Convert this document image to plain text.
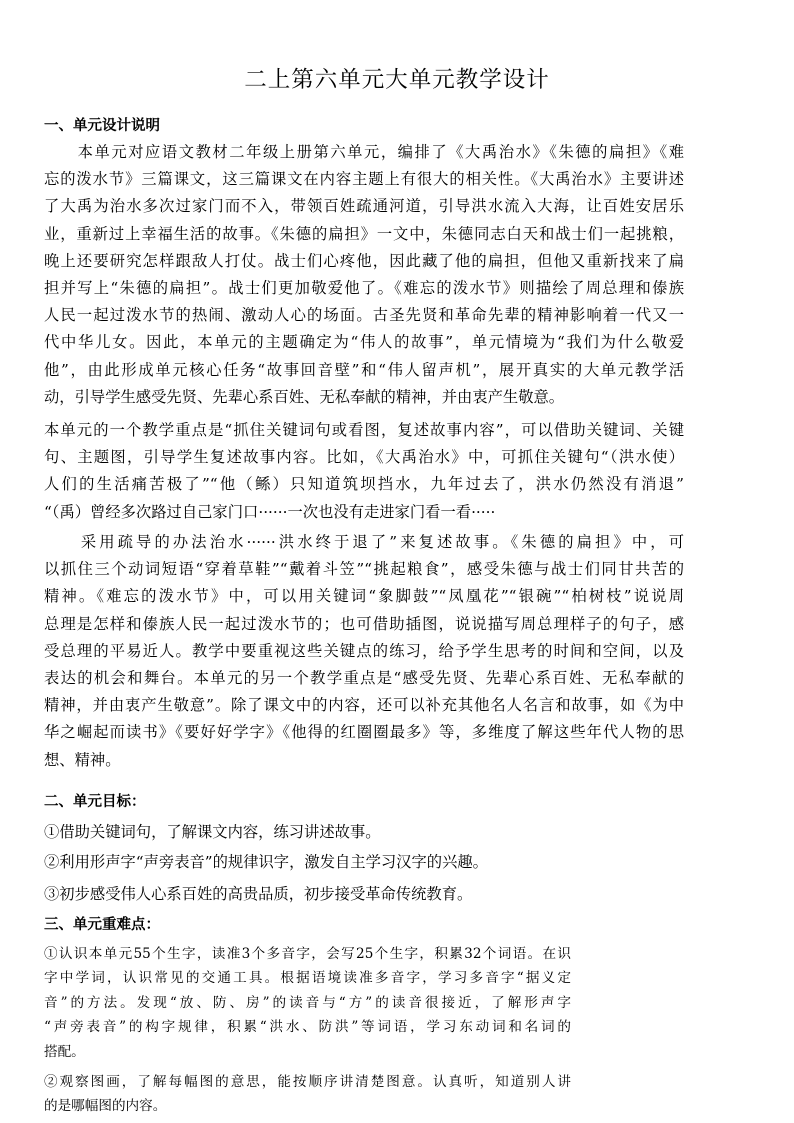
二上第六单元大单元教学设计
一、单元设计说明
　　本单元对应语文教材二年级上册第六单元，编排了《大禹治水》《朱德的扁担》《难
忘的泼水节》三篇课文，这三篇课文在内容主题上有很大的相关性。《大禹治水》主要讲述
了大禹为治水多次过家门而不入，带领百姓疏通河道，引导洪水流入大海，让百姓安居乐
业，重新过上幸福生活的故事。《朱德的扁担》一文中，朱德同志白天和战士们一起挑粮，
晚上还要研究怎样跟敌人打仗。战士们心疼他，因此藏了他的扁担，但他又重新找来了扁
担并写上“朱德的扁担”。战士们更加敬爱他了。《难忘的泼水节》则描绘了周总理和傣族
人民一起过泼水节的热闹、激动人心的场面。古圣先贤和革命先辈的精神影响着一代又一
代中华儿女。因此，本单元的主题确定为“伟人的故事”，单元情境为“我们为什么敬爱
他”，由此形成单元核心任务“故事回音壁”和“伟人留声机”，展开真实的大单元教学活
动，引导学生感受先贤、先辈心系百姓、无私奉献的精神，并由衷产生敬意。
本单元的一个教学重点是“抓住关键词句或看图，复述故事内容”，可以借助关键词、关键
句、主题图，引导学生复述故事内容。比如，《大禹治水》中，可抓住关键句“（洪水使）
人们的生活痛苦极了”“他（鲧）只知道筑坝挡水，九年过去了，洪水仍然没有消退”
“（禹）曾经多次路过自己家门口······一次也没有走进家门看一看·····
　　采用疏导的办法治水······洪水终于退了”来复述故事。《朱德的扁担》中，可
以抓住三个动词短语“穿着草鞋”“戴着斗笠”“挑起粮食”，感受朱德与战士们同甘共苦的
精神。《难忘的泼水节》中，可以用关键词“象脚鼓”“凤凰花”“银碗”“柏树枝”说说周
总理是怎样和傣族人民一起过泼水节的；也可借助插图，说说描写周总理样子的句子，感
受总理的平易近人。教学中要重视这些关键点的练习，给予学生思考的时间和空间，以及
表达的机会和舞台。本单元的另一个教学重点是“感受先贤、先辈心系百姓、无私奉献的
精神，并由衷产生敬意”。除了课文中的内容，还可以补充其他名人名言和故事，如《为中
华之崛起而读书》《要好好学字》《他得的红圈圈最多》等，多维度了解这些年代人物的思
想、精神。
二、单元目标：
①借助关键词句，了解课文内容，练习讲述故事。
②利用形声字“声旁表音”的规律识字，激发自主学习汉字的兴趣。
③初步感受伟人心系百姓的高贵品质，初步接受革命传统教育。
三、单元重难点：
①认识本单元55个生字，读准3个多音字，会写25个生字，积累32个词语。在识
字中学词，认识常见的交通工具。根据语境读准多音字，学习多音字“据义定
音”的方法。发现“放、防、房”的读音与“方”的读音很接近，了解形声字
“声旁表音”的构字规律，积累“洪水、防洪”等词语，学习东动词和名词的
搭配。
②观察图画，了解每幅图的意思，能按顺序讲清楚图意。认真听，知道别人讲
的是哪幅图的内容。
